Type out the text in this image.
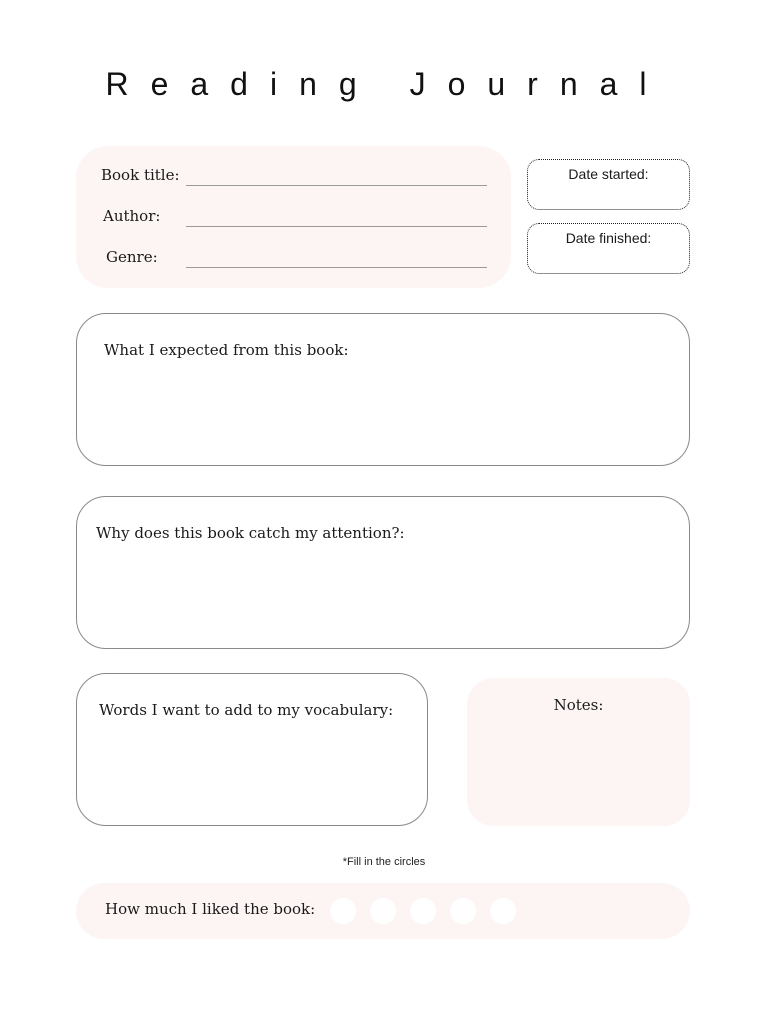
Reading Journal
Book title:
Author:
Genre:
Date started:
Date finished:
What I expected from this book:
Why does this book catch my attention?:
Words I want to add to my vocabulary:	Notes:
*Fill in the circles
How much I liked the book:
